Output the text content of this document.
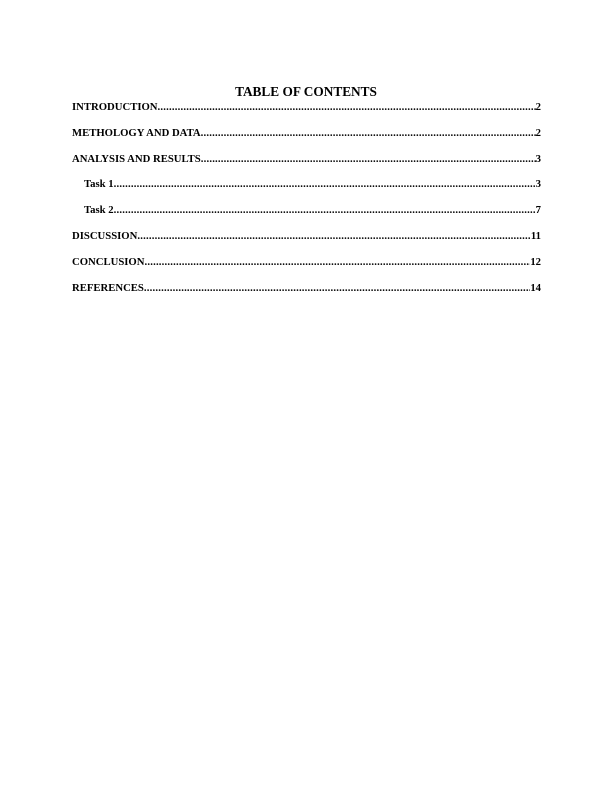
TABLE OF CONTENTS
INTRODUCTION .....	2
METHOLOGY AND DATA .....	2
ANALYSIS AND RESULTS .....	3
Task 1 .....	3
Task 2 .....	7
DISCUSSION .....	11
CONCLUSION .....	12
REFERENCES .....	14
